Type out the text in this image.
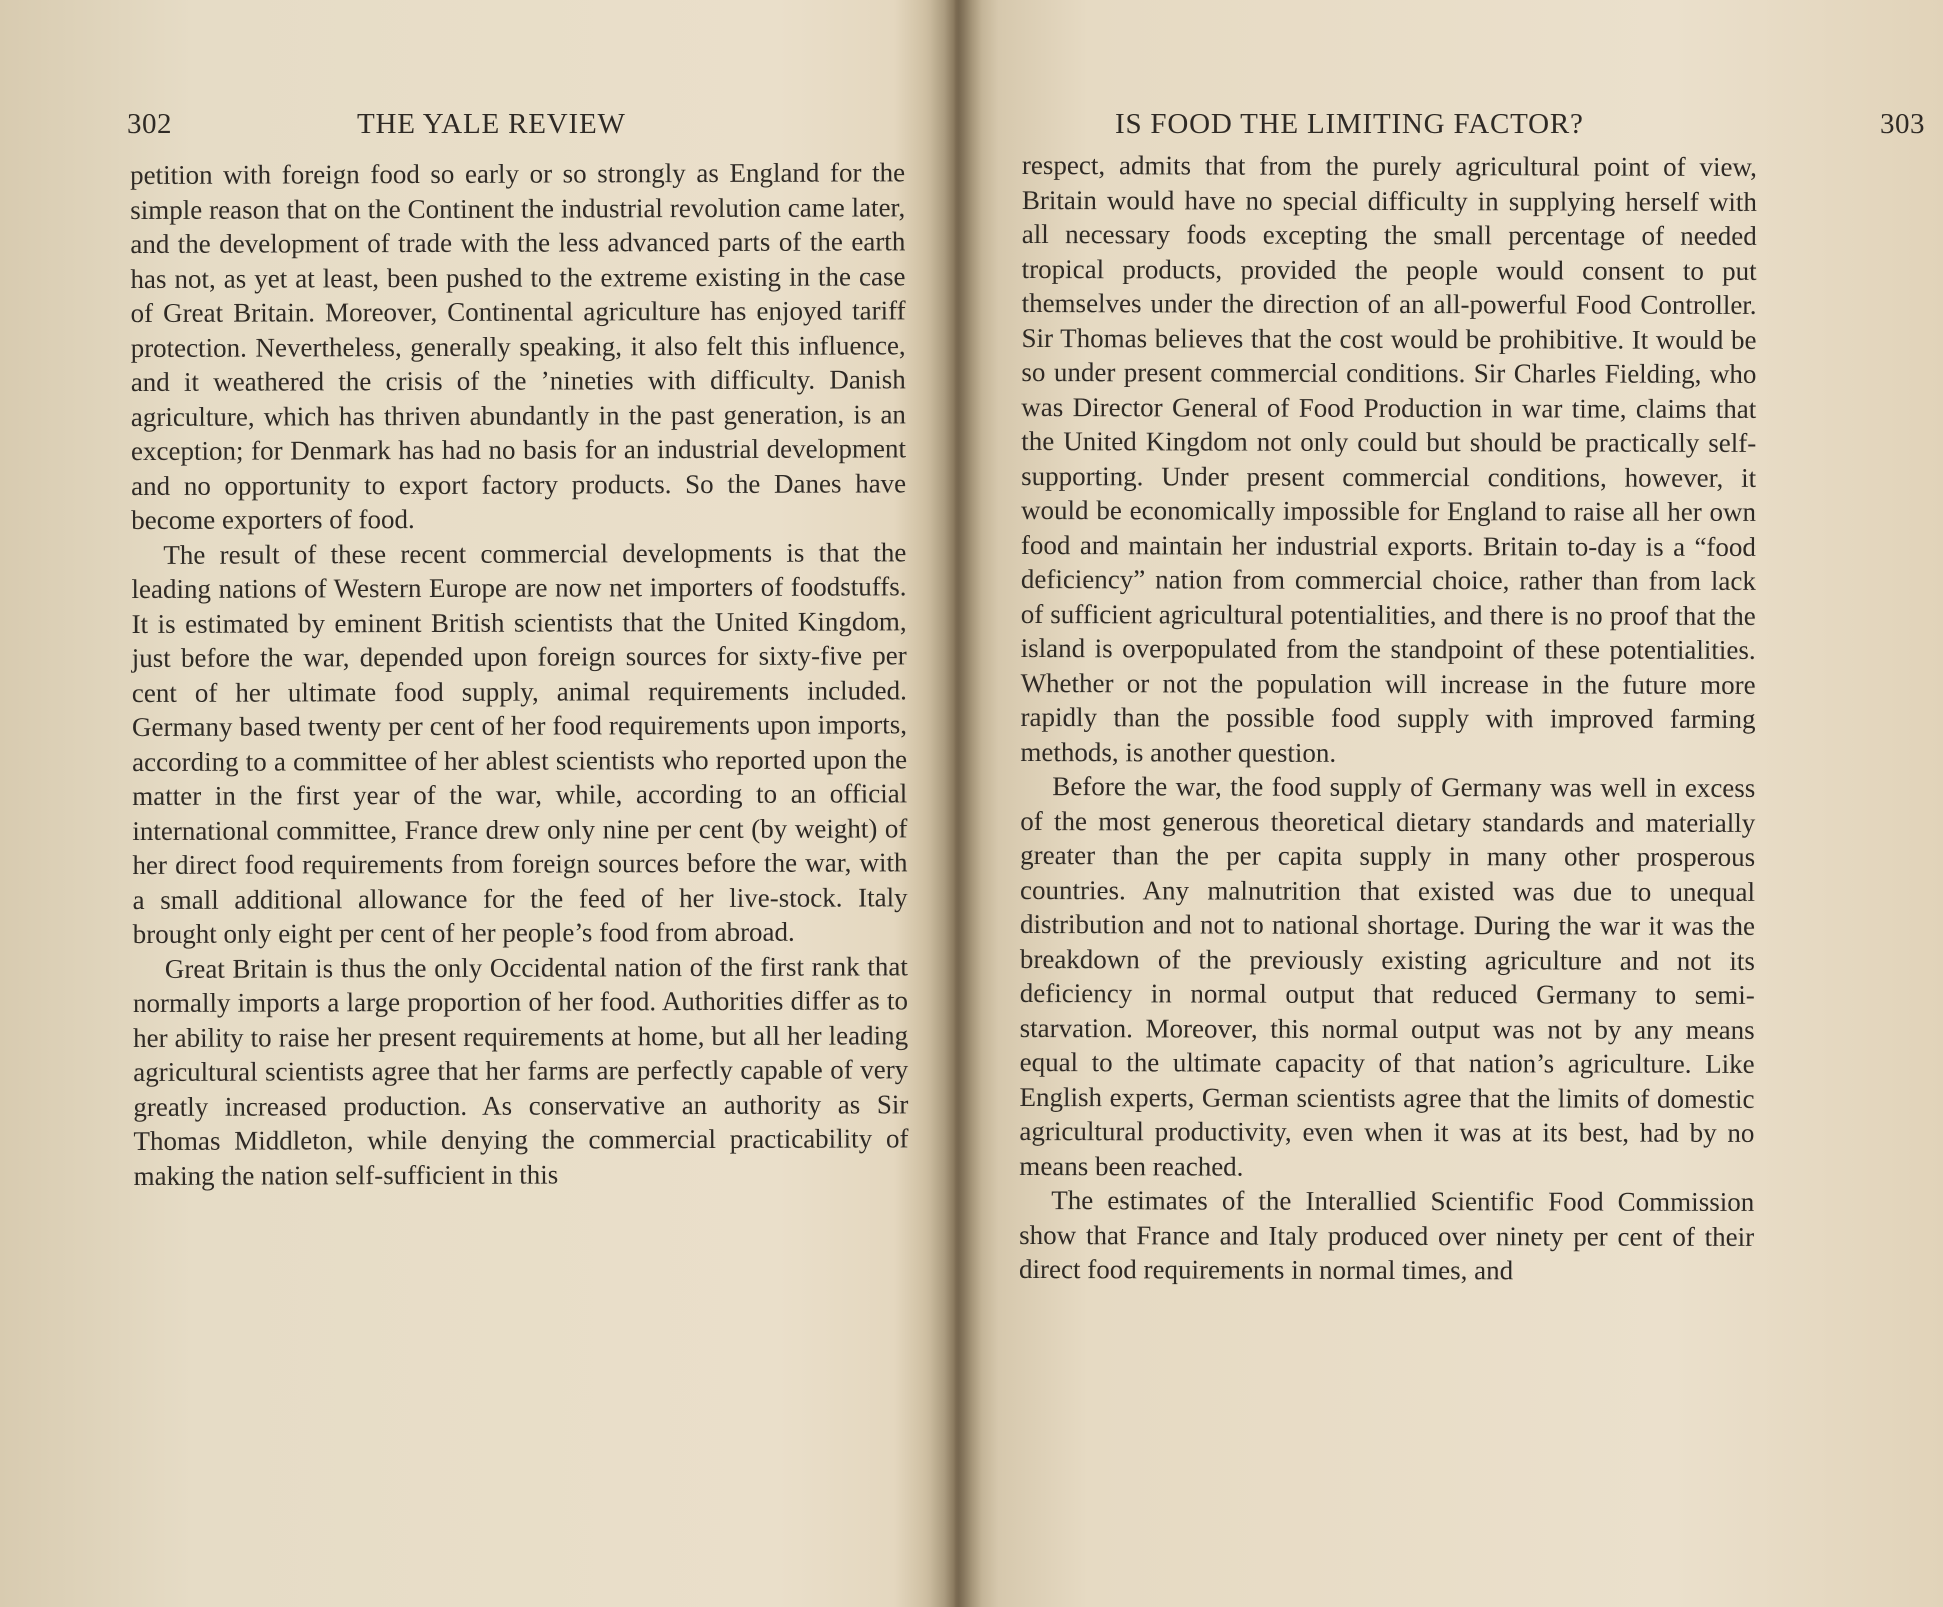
302	THE YALE REVIEW

petition with foreign food so early or so strongly as England for the simple reason that on the Continent the industrial revolution came later, and the development of trade with the less advanced parts of the earth has not, as yet at least, been pushed to the extreme existing in the case of Great Britain. Moreover, Continental agriculture has enjoyed tariff protection. Nevertheless, generally speaking, it also felt this influence, and it weathered the crisis of the ’nineties with difficulty. Danish agriculture, which has thriven abundantly in the past generation, is an exception; for Denmark has had no basis for an industrial development and no opportunity to export factory products. So the Danes have become exporters of food.

The result of these recent commercial developments is that the leading nations of Western Europe are now net importers of foodstuffs. It is estimated by eminent British scientists that the United Kingdom, just before the war, depended upon foreign sources for sixty-five per cent of her ultimate food supply, animal requirements included. Germany based twenty per cent of her food requirements upon imports, according to a committee of her ablest scientists who reported upon the matter in the first year of the war, while, according to an official international committee, France drew only nine per cent (by weight) of her direct food requirements from foreign sources before the war, with a small additional allowance for the feed of her live-stock. Italy brought only eight per cent of her people’s food from abroad.

Great Britain is thus the only Occidental nation of the first rank that normally imports a large proportion of her food. Authorities differ as to her ability to raise her present requirements at home, but all her leading agricultural scientists agree that her farms are perfectly capable of very greatly increased production. As conservative an authority as Sir Thomas Middleton, while denying the commercial practicability of making the nation self-sufficient in this

IS FOOD THE LIMITING FACTOR?	303

respect, admits that from the purely agricultural point of view, Britain would have no special difficulty in supplying herself with all necessary foods excepting the small percentage of needed tropical products, provided the people would consent to put themselves under the direction of an all-powerful Food Controller. Sir Thomas believes that the cost would be prohibitive. It would be so under present commercial conditions. Sir Charles Fielding, who was Director General of Food Production in war time, claims that the United Kingdom not only could but should be practically self-supporting. Under present commercial conditions, however, it would be economically impossible for England to raise all her own food and maintain her industrial exports. Britain to-day is a “food deficiency” nation from commercial choice, rather than from lack of sufficient agricultural potentialities, and there is no proof that the island is overpopulated from the standpoint of these potentialities. Whether or not the population will increase in the future more rapidly than the possible food supply with improved farming methods, is another question.

Before the war, the food supply of Germany was well in excess of the most generous theoretical dietary standards and materially greater than the per capita supply in many other prosperous countries. Any malnutrition that existed was due to unequal distribution and not to national shortage. During the war it was the breakdown of the previously existing agriculture and not its deficiency in normal output that reduced Germany to semi-starvation. Moreover, this normal output was not by any means equal to the ultimate capacity of that nation’s agriculture. Like English experts, German scientists agree that the limits of domestic agricultural productivity, even when it was at its best, had by no means been reached.

The estimates of the Interallied Scientific Food Commission show that France and Italy produced over ninety per cent of their direct food requirements in normal times, and
